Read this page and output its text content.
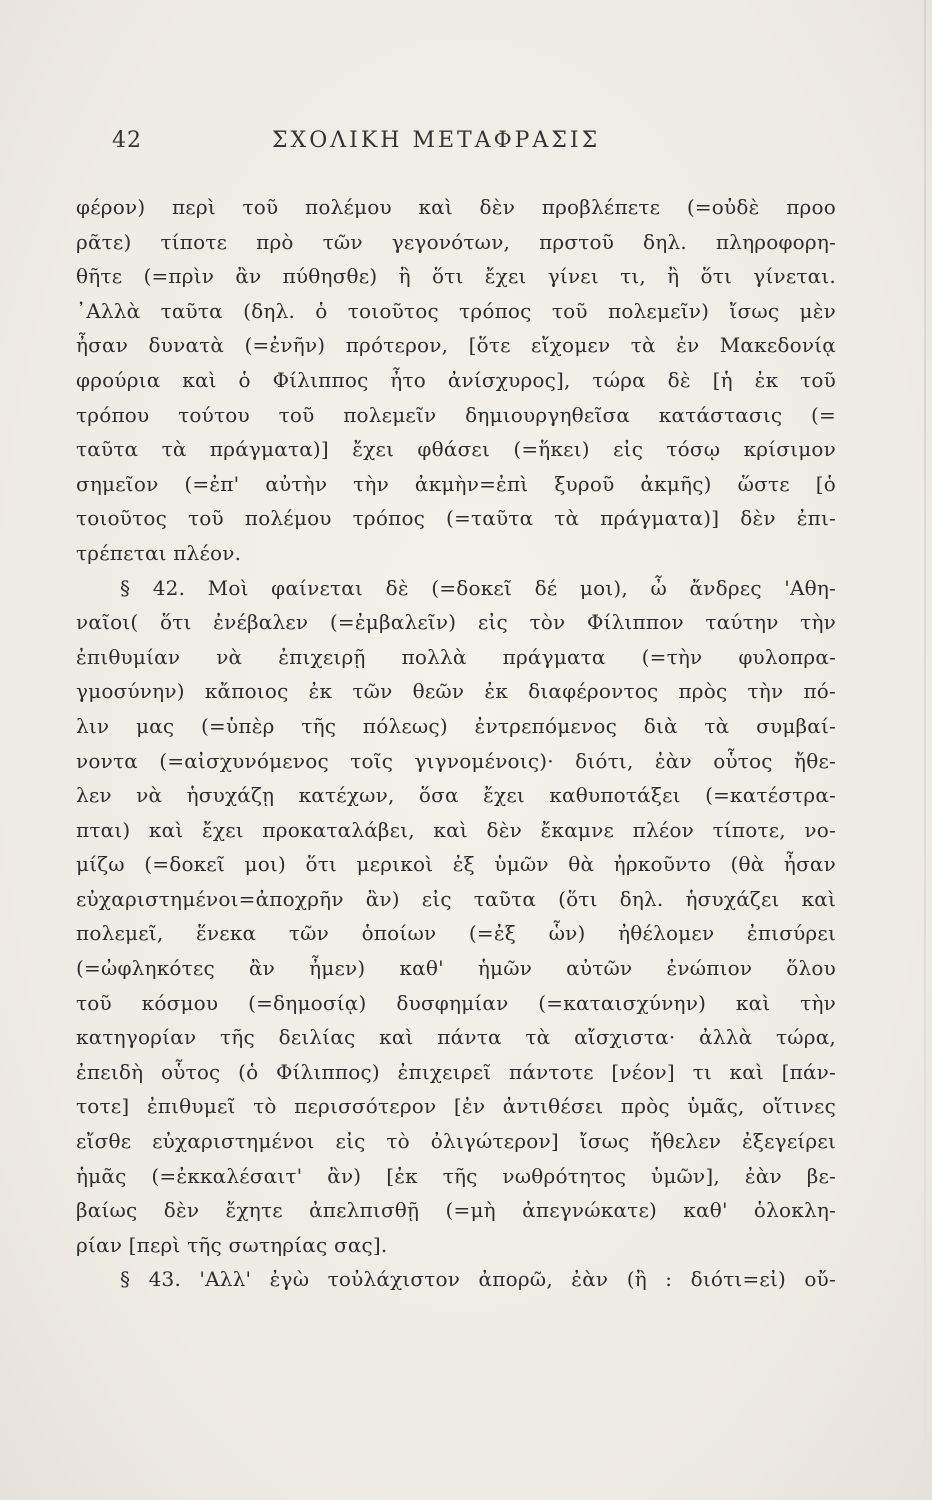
42	ΣΧΟΛΙΚΗ ΜΕΤΑΦΡΑΣΙΣ
φέρον) περὶ τοῦ πολέμου καὶ δὲν προβλέπετε (=οὐδὲ προο
ρᾶτε) τίποτε πρὸ τῶν γεγονότων, πρστοῦ δηλ. πληροφορη-
θῆτε (=πρὶν ἂν πύθησθε) ἢ ὅτι ἔχει γίνει τι, ἢ ὅτι γίνεται.
᾿Αλλὰ ταῦτα (δηλ. ὁ τοιοῦτος τρόπος τοῦ πολεμεῖν) ἴσως μὲν
ἦσαν δυνατὰ (=ἐνῆν) πρότερον, [ὅτε εἴχομεν τὰ ἐν Μακεδονίᾳ
φρούρια καὶ ὁ Φίλιππος ἦτο ἀνίσχυρος], τώρα δὲ [ἡ ἐκ τοῦ
τρόπου τούτου τοῦ πολεμεῖν δημιουργηθεῖσα κατάστασις (=
ταῦτα τὰ πράγματα)] ἔχει φθάσει (=ἥκει) εἰς τόσῳ κρίσιμον
σημεῖον (=ἐπ' αὐτὴν τὴν ἀκμὴν=ἐπὶ ξυροῦ ἀκμῆς) ὥστε [ὁ
τοιοῦτος τοῦ πολέμου τρόπος (=ταῦτα τὰ πράγματα)] δὲν ἐπι-
τρέπεται πλέον.
§ 42. Μοὶ φαίνεται δὲ (=δοκεῖ δέ μοι), ὦ ἄνδρες 'Αθη-
ναῖοι( ὅτι ἐνέβαλεν (=ἐμβαλεῖν) εἰς τὸν Φίλιππον ταύτην τὴν
ἐπιθυμίαν νὰ ἐπιχειρῇ πολλὰ πράγματα (=τὴν φυλοπρα-
γμοσύνην) κἄποιος ἐκ τῶν θεῶν ἐκ διαφέροντος πρὸς τὴν πό-
λιν μας (=ὑπὲρ τῆς πόλεως) ἐντρεπόμενος διὰ τὰ συμβαί-
νοντα (=αἰσχυνόμενος τοῖς γιγνομένοις)· διότι, ἐὰν οὗτος ἤθε-
λεν νὰ ἡσυχάζῃ κατέχων, ὅσα ἔχει καθυποτάξει (=κατέστρα-
πται) καὶ ἔχει προκαταλάβει, καὶ δὲν ἔκαμνε πλέον τίποτε, νο-
μίζω (=δοκεῖ μοι) ὅτι μερικοὶ ἐξ ὑμῶν θὰ ἠρκοῦντο (θὰ ἦσαν
εὐχαριστημένοι=ἀποχρῆν ἂν) εἰς ταῦτα (ὅτι δηλ. ἡσυχάζει καὶ
πολεμεῖ, ἕνεκα τῶν ὁποίων (=ἐξ ὧν) ἠθέλομεν ἐπισύρει
(=ὠφληκότες ἂν ἦμεν) καθ' ἡμῶν αὐτῶν ἐνώπιον ὅλου
τοῦ κόσμου (=δημοσίᾳ) δυσφημίαν (=καταισχύνην) καὶ τὴν
κατηγορίαν τῆς δειλίας καὶ πάντα τὰ αἴσχιστα· ἀλλὰ τώρα,
ἐπειδὴ οὗτος (ὁ Φίλιππος) ἐπιχειρεῖ πάντοτε [νέον] τι καὶ [πάν-
τοτε] ἐπιθυμεῖ τὸ περισσότερον [ἐν ἀντιθέσει πρὸς ὑμᾶς, οἵτινες
εἴσθε εὐχαριστημένοι εἰς τὸ ὀλιγώτερον] ἴσως ἤθελεν ἐξεγείρει
ἡμᾶς (=ἐκκαλέσαιτ' ἂν) [ἐκ τῆς νωθρότητος ὑμῶν], ἐὰν βε-
βαίως δὲν ἔχητε ἀπελπισθῇ (=μὴ ἀπεγνώκατε) καθ' ὁλοκλη-
ρίαν [περὶ τῆς σωτηρίας σας].
§ 43. 'Αλλ' ἐγὼ τοὐλάχιστον ἀπορῶ, ἐὰν (ἢ : διότι=εἰ) οὔ-
